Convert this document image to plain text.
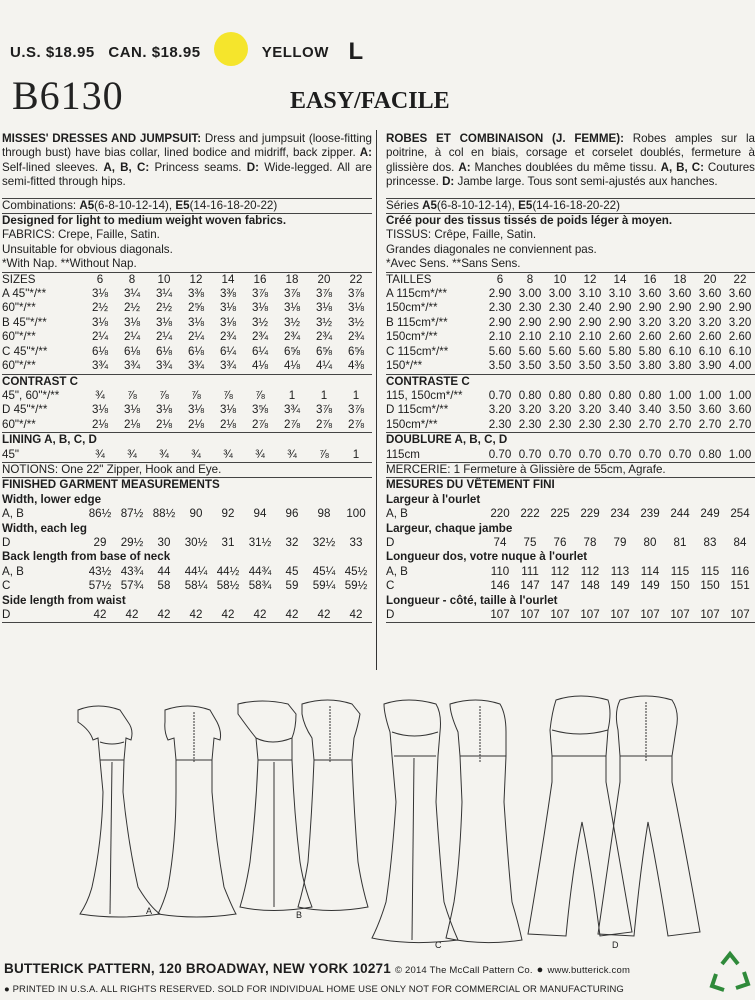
U.S. $18.95 CAN. $18.95	YELLOW L
B6130	EASY/FACILE
MISSES' DRESSES AND JUMPSUIT: Dress and jumpsuit (loose-fitting through bust) have bias collar, lined bodice and midriff, back zipper. A: Self-lined sleeves. A, B, C: Princess seams. D: Wide-legged. All are semi-fitted through hips.
Combinations: A5(6-8-10-12-14), E5(14-16-18-20-22)
Designed for light to medium weight woven fabrics.
FABRICS: Crepe, Faille, Satin.
Unsuitable for obvious diagonals.
*With Nap. **Without Nap.
SIZES	6	8	10	12	14	16	18	20	22
A 45"*/**	3⅛	3¼	3¼	3⅜	3⅜	3⅞	3⅞	3⅞	3⅞
60"*/**	2½	2½	2½	2⅝	3⅛	3⅛	3⅛	3⅛	3⅛
B 45"*/**	3⅛	3⅛	3⅛	3⅛	3⅛	3½	3½	3½	3½
60"*/**	2¼	2¼	2¼	2¼	2¾	2¾	2¾	2¾	2¾
C 45"*/**	6⅛	6⅛	6⅛	6⅛	6¼	6¼	6⅝	6⅝	6⅝
60"*/**	3¾	3¾	3¾	3¾	3¾	4⅛	4⅛	4¼	4⅜
CONTRAST C
45", 60"*/**	¾	⅞	⅞	⅞	⅞	⅞	1	1	1
D 45"*/**	3⅛	3⅛	3⅛	3⅛	3⅛	3⅝	3¾	3⅞	3⅞
60"*/**	2⅛	2⅛	2⅛	2⅛	2⅛	2⅞	2⅞	2⅞	2⅞
LINING A, B, C, D
45"	¾	¾	¾	¾	¾	¾	¾	⅞	1
NOTIONS: One 22" Zipper, Hook and Eye.
FINISHED GARMENT MEASUREMENTS
Width, lower edge
A, B	86½ 87½ 88½	90	92	94	96	98	100
Width, each leg
D	29	29½	30	30½	31	31½	32	32½	33
Back length from base of neck
A, B	43½ 43¾	44	44¼ 44½ 44¾	45	45¼ 45½
C	57½ 57¾	58	58¼ 58½ 58¾	59	59¼ 59½
Side length from waist
D	42	42	42	42	42	42	42	42	42
ROBES ET COMBINAISON (J. FEMME): Robes amples sur la poitrine, à col en biais, corsage et corselet doublés, fermeture à glissière dos. A: Manches doublées du même tissu. A, B, C: Coutures princesse. D: Jambe large. Tous sont semi-ajustés aux hanches.
Séries A5(6-8-10-12-14), E5(14-16-18-20-22)
Créé pour des tissus tissés de poids léger à moyen.
TISSUS: Crêpe, Faille, Satin.
Grandes diagonales ne conviennent pas.
*Avec Sens. **Sans Sens.
TAILLES	6	8	10	12	14	16	18	20	22
A 115cm*/**	2.90 3.00 3.00 3.10 3.10 3.60 3.60 3.60 3.60
150cm*/**	2.30 2.30 2.30 2.40 2.90 2.90 2.90 2.90 2.90
B 115cm*/**	2.90 2.90 2.90 2.90 2.90 3.20 3.20 3.20 3.20
150cm*/**	2.10 2.10 2.10 2.10 2.60 2.60 2.60 2.60 2.60
C 115cm*/**	5.60 5.60 5.60 5.60 5.80 5.80 6.10 6.10 6.10
150*/**	3.50 3.50 3.50 3.50 3.50 3.80 3.80 3.90 4.00
CONTRASTE C
115, 150cm*/**	0.70 0.80 0.80 0.80 0.80 0.80 1.00 1.00 1.00
D 115cm*/**	3.20 3.20 3.20 3.20 3.40 3.40 3.50 3.60 3.60
150cm*/**	2.30 2.30 2.30 2.30 2.30 2.70 2.70 2.70 2.70
DOUBLURE A, B, C, D
115cm	0.70 0.70 0.70 0.70 0.70 0.70 0.70 0.80 1.00
MERCERIE: 1 Fermeture à Glissière de 55cm, Agrafe.
MESURES DU VÊTEMENT FINI
Largeur à l'ourlet
A, B	220 222 225 229 234 239 244 249 254
Largeur, chaque jambe
D	74	75	76	78	79	80	81	83	84
Longueur dos, votre nuque à l'ourlet
A, B	110	111	112 112 113 114 115 115 116
C	146 147 147 148 149 149 150 150 151
Longueur - côté, taille à l'ourlet
D	107 107 107 107 107 107 107 107 107
A	B
C	D
BUTTERICK PATTERN, 120 BROADWAY, NEW YORK 10271 © 2014 The McCall Pattern Co. ● www.butterick.com
● PRINTED IN U.S.A. ALL RIGHTS RESERVED. SOLD FOR INDIVIDUAL HOME USE ONLY NOT FOR COMMERCIAL OR MANUFACTURING
